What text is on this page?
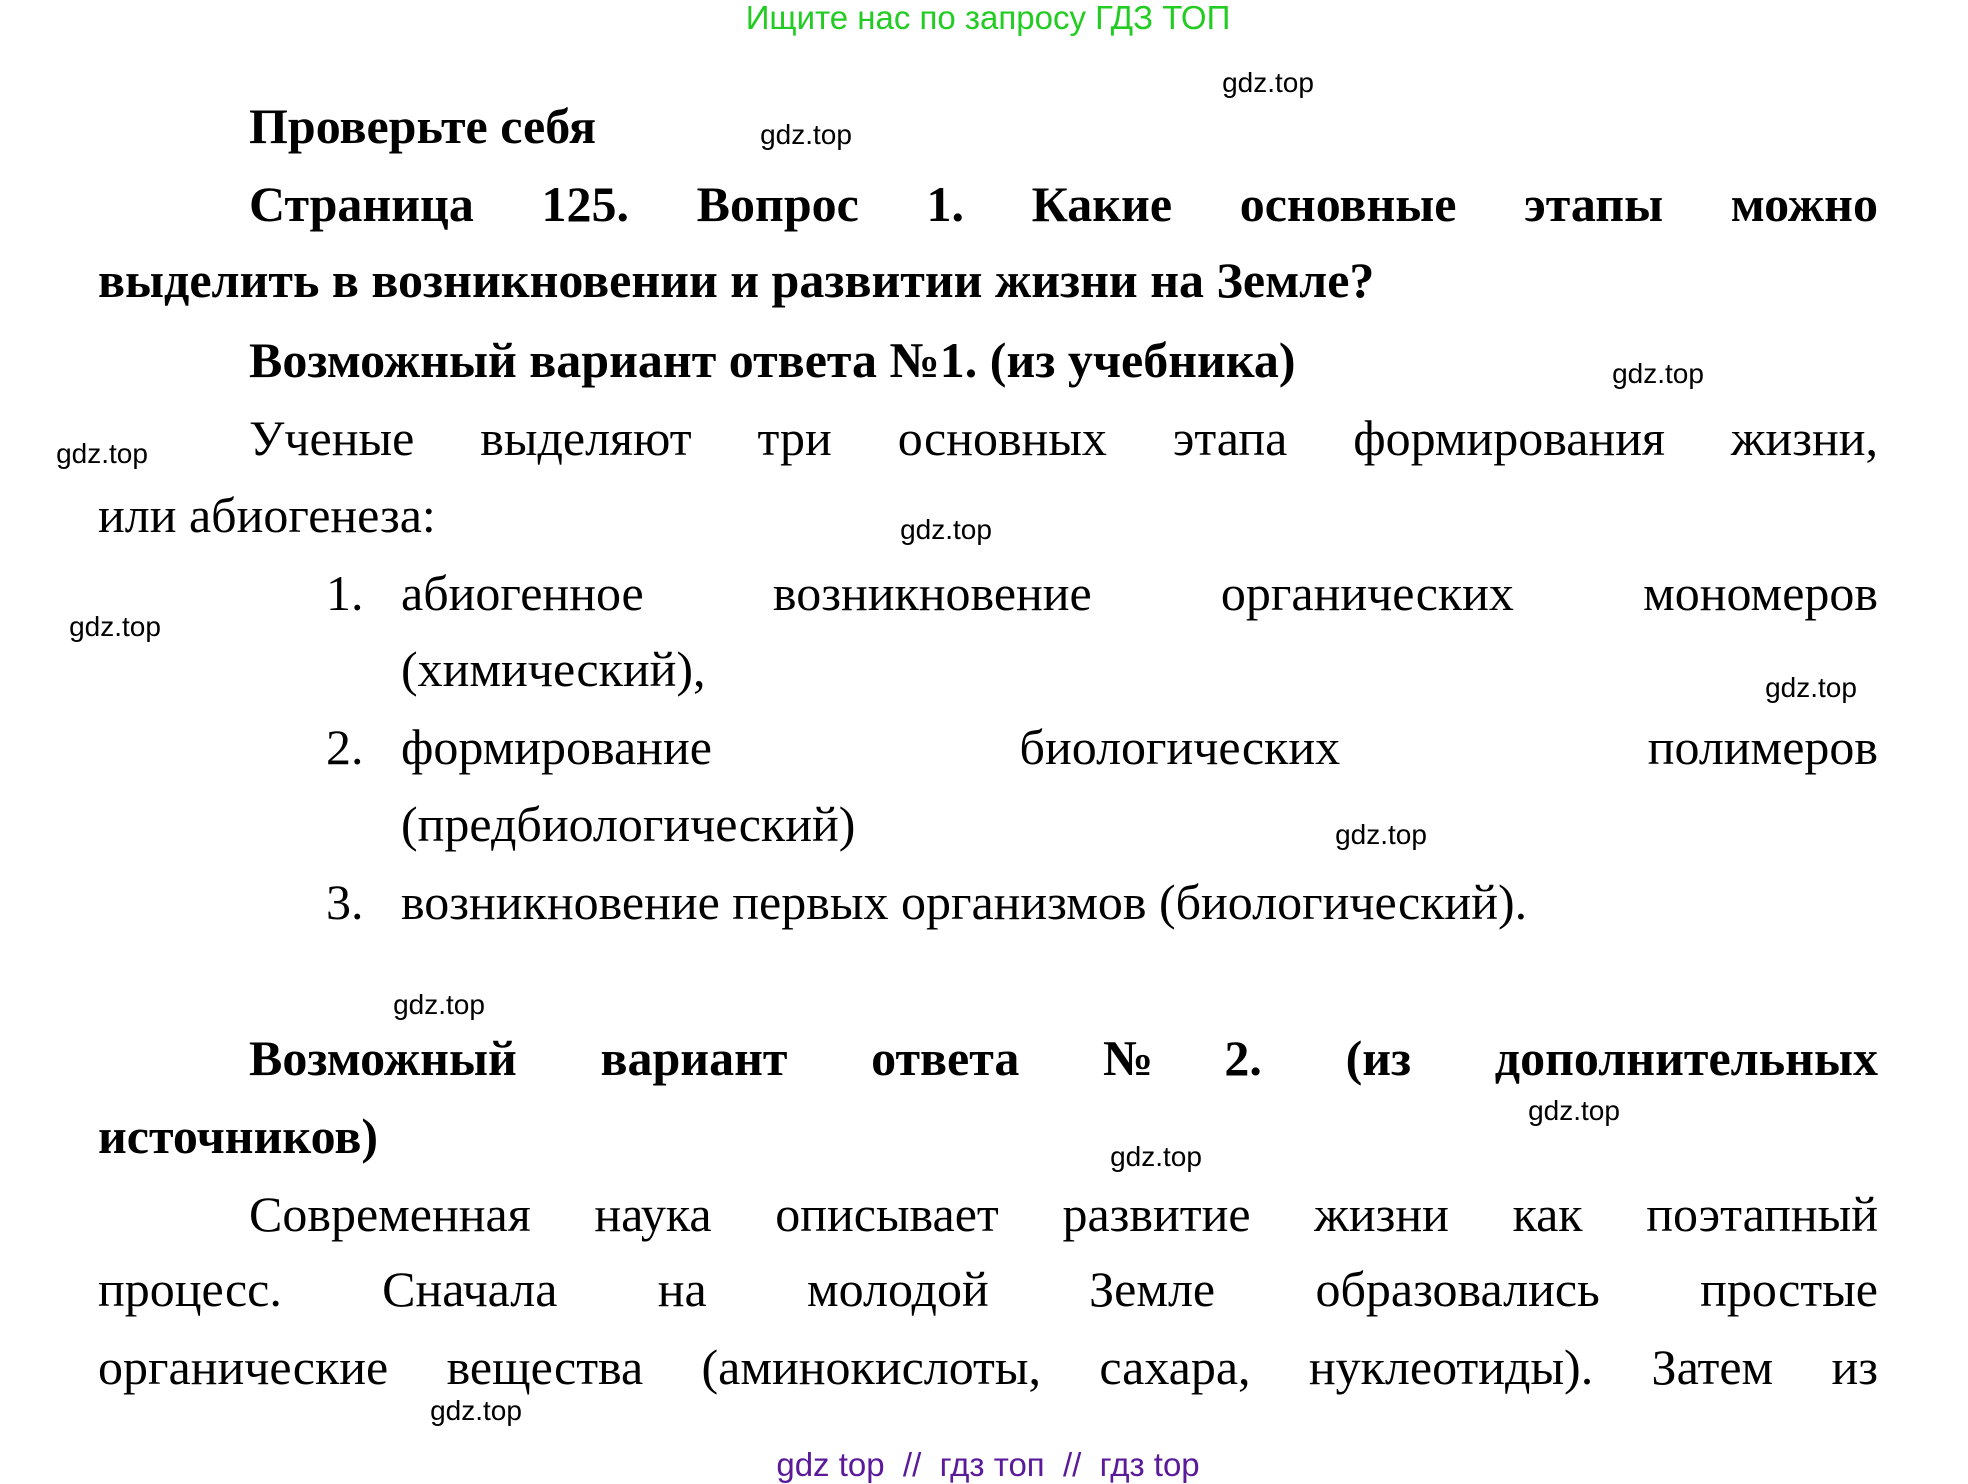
Ищите нас по запросу ГДЗ ТОП
Проверьте себя
Страница 125. Вопрос 1. Какие основные этапы можно
выделить в возникновении и развитии жизни на Земле?
Возможный вариант ответа №1. (из учебника)
Ученые выделяют три основных этапа формирования жизни,
или абиогенеза:
1. абиогенное возникновение органических мономеров
(химический),
2. формирование биологических полимеров
(предбиологический)
3. возникновение первых организмов (биологический).
Возможный вариант ответа №2. (из дополнительных
источников)
Современная наука описывает развитие жизни как поэтапный
процесс. Сначала на молодой Земле образовались простые
органические вещества (аминокислоты, сахара, нуклеотиды). Затем из
gdz.top
gdz.top
gdz.top
gdz.top
gdz.top
gdz.top
gdz.top
gdz.top
gdz.top
gdz.top
gdz.top
gdz.top
gdz top  //  гдз топ  //  гдз top
